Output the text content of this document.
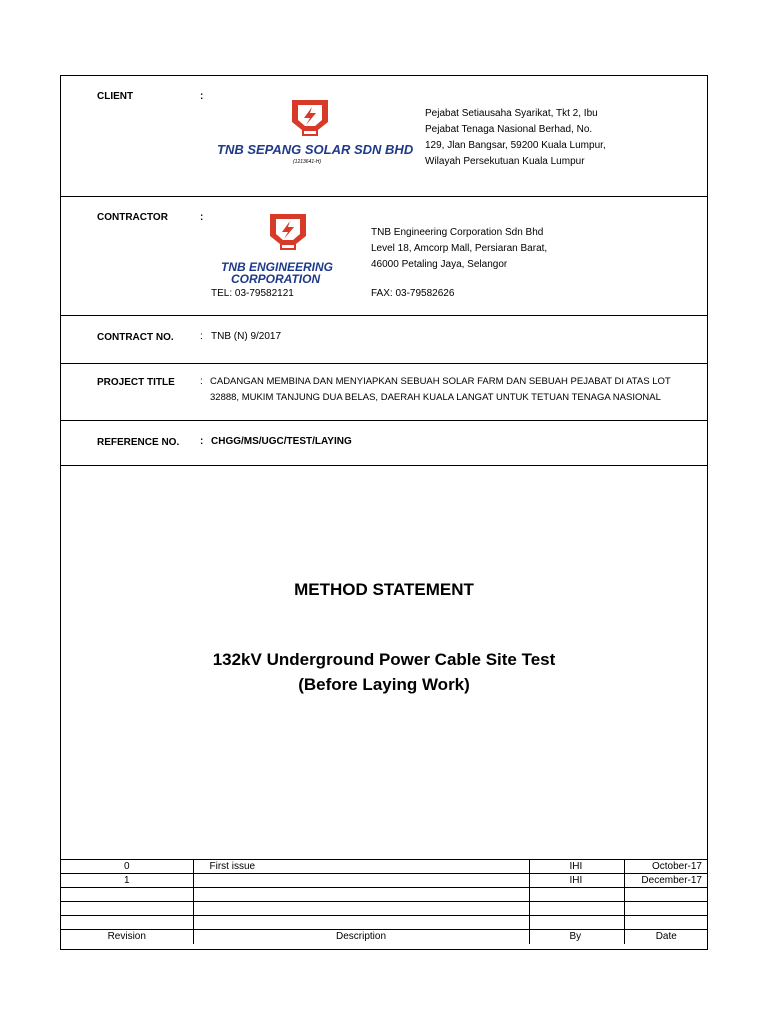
CLIENT	:
TNB SEPANG SOLAR SDN BHD
(1213641-H)
Pejabat Setiausaha Syarikat, Tkt 2, Ibu
Pejabat Tenaga Nasional Berhad, No.
129, Jlan Bangsar, 59200 Kuala Lumpur,
Wilayah Persekutuan Kuala Lumpur
CONTRACTOR	:
TNB ENGINEERING
CORPORATION
TNB Engineering Corporation Sdn Bhd
Level 18, Amcorp Mall, Persiaran Barat,
46000 Petaling Jaya, Selangor
TEL: 03-79582121	FAX: 03-79582626
CONTRACT NO.	: TNB (N) 9/2017
PROJECT TITLE	: CADANGAN MEMBINA DAN MENYIAPKAN SEBUAH SOLAR FARM DAN SEBUAH PEJABAT DI ATAS LOT
32888, MUKIM TANJUNG DUA BELAS, DAERAH KUALA LANGAT UNTUK TETUAN TENAGA NASIONAL
REFERENCE NO. : CHGG/MS/UGC/TEST/LAYING
METHOD STATEMENT
132kV Underground Power Cable Site Test
(Before Laying Work)
0	First issue	IHI	October-17
1		IHI	December-17

Revision	Description	By	Date
